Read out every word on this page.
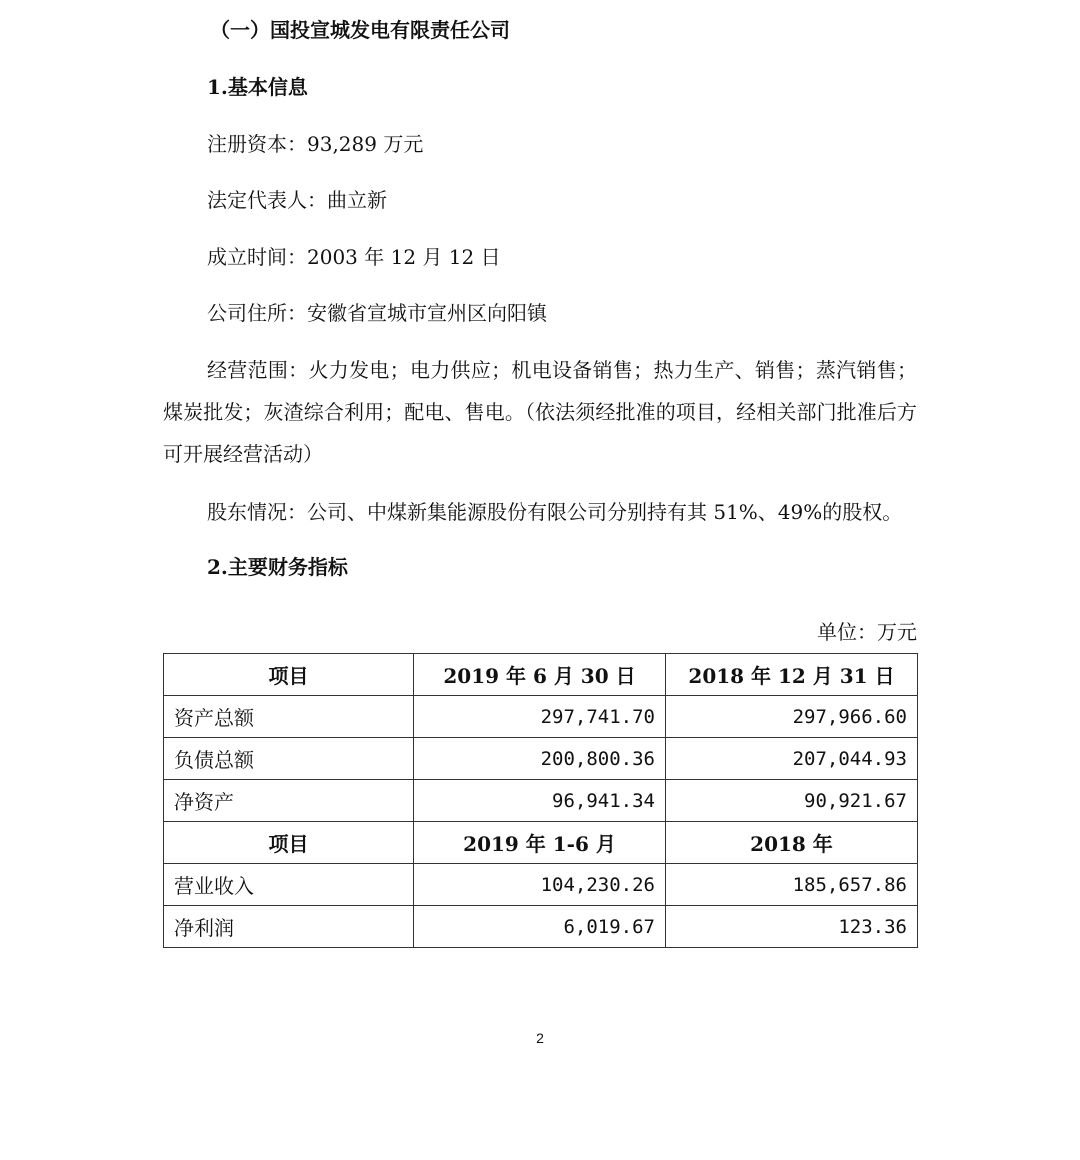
（一）国投宣城发电有限责任公司

1.基本信息

注册资本：93,289 万元

法定代表人：曲立新

成立时间：2003 年 12 月 12 日

公司住所：安徽省宣城市宣州区向阳镇

经营范围：火力发电；电力供应；机电设备销售；热力生产、销售；蒸汽销售；煤炭批发；灰渣综合利用；配电、售电。（依法须经批准的项目，经相关部门批准后方可开展经营活动）

股东情况：公司、中煤新集能源股份有限公司分别持有其 51%、49%的股权。

2.主要财务指标

单位：万元

项目	2019 年 6 月 30 日	2018 年 12 月 31 日
资产总额	297,741.70	297,966.60
负债总额	200,800.36	207,044.93
净资产	96,941.34	90,921.67
项目	2019 年 1-6 月	2018 年
营业收入	104,230.26	185,657.86
净利润	6,019.67	123.36

2
